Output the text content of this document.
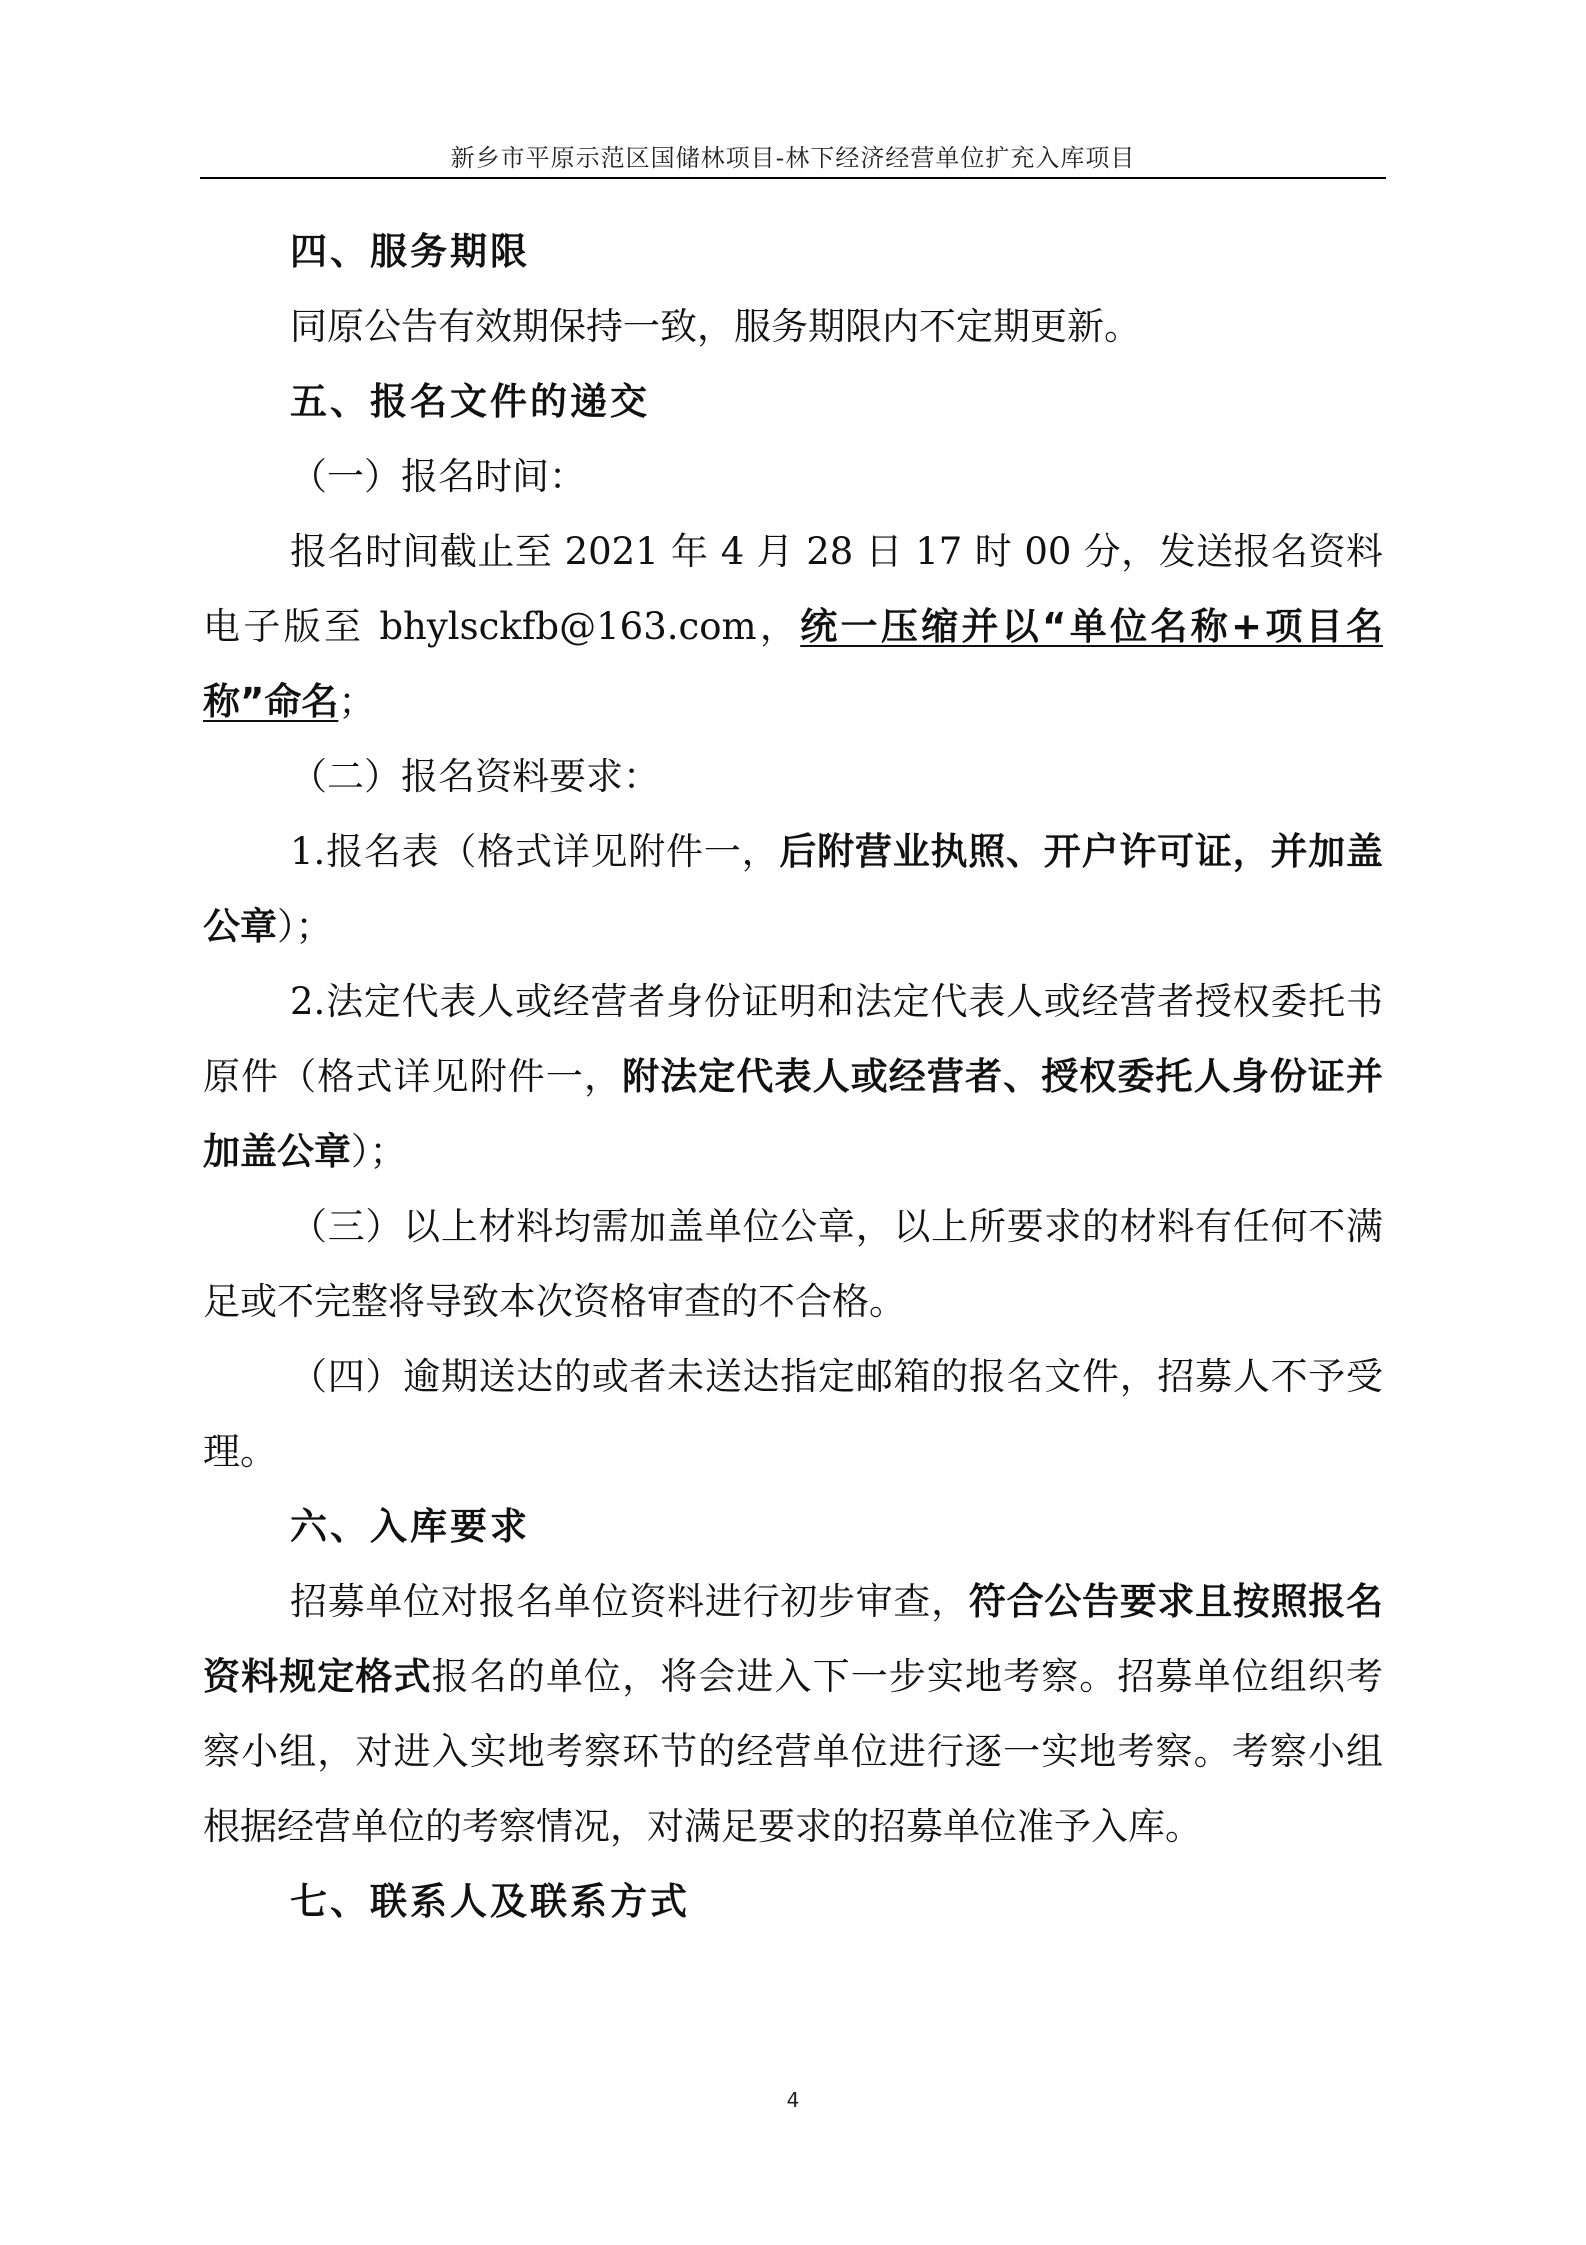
新乡市平原示范区国储林项目-林下经济经营单位扩充入库项目

四、服务期限

同原公告有效期保持一致，服务期限内不定期更新。

五、报名文件的递交

（一）报名时间：

报名时间截止至 2021 年 4 月 28 日 17 时 00 分，发送报名资料电子版至 bhylsckfb@163.com，统一压缩并以“单位名称+项目名称”命名；

（二）报名资料要求：

1.报名表（格式详见附件一，后附营业执照、开户许可证，并加盖公章）；

2.法定代表人或经营者身份证明和法定代表人或经营者授权委托书原件（格式详见附件一，附法定代表人或经营者、授权委托人身份证并加盖公章）；

（三）以上材料均需加盖单位公章，以上所要求的材料有任何不满足或不完整将导致本次资格审查的不合格。

（四）逾期送达的或者未送达指定邮箱的报名文件，招募人不予受理。

六、入库要求

招募单位对报名单位资料进行初步审查，符合公告要求且按照报名资料规定格式报名的单位，将会进入下一步实地考察。招募单位组织考察小组，对进入实地考察环节的经营单位进行逐一实地考察。考察小组根据经营单位的考察情况，对满足要求的招募单位准予入库。

七、联系人及联系方式

4
